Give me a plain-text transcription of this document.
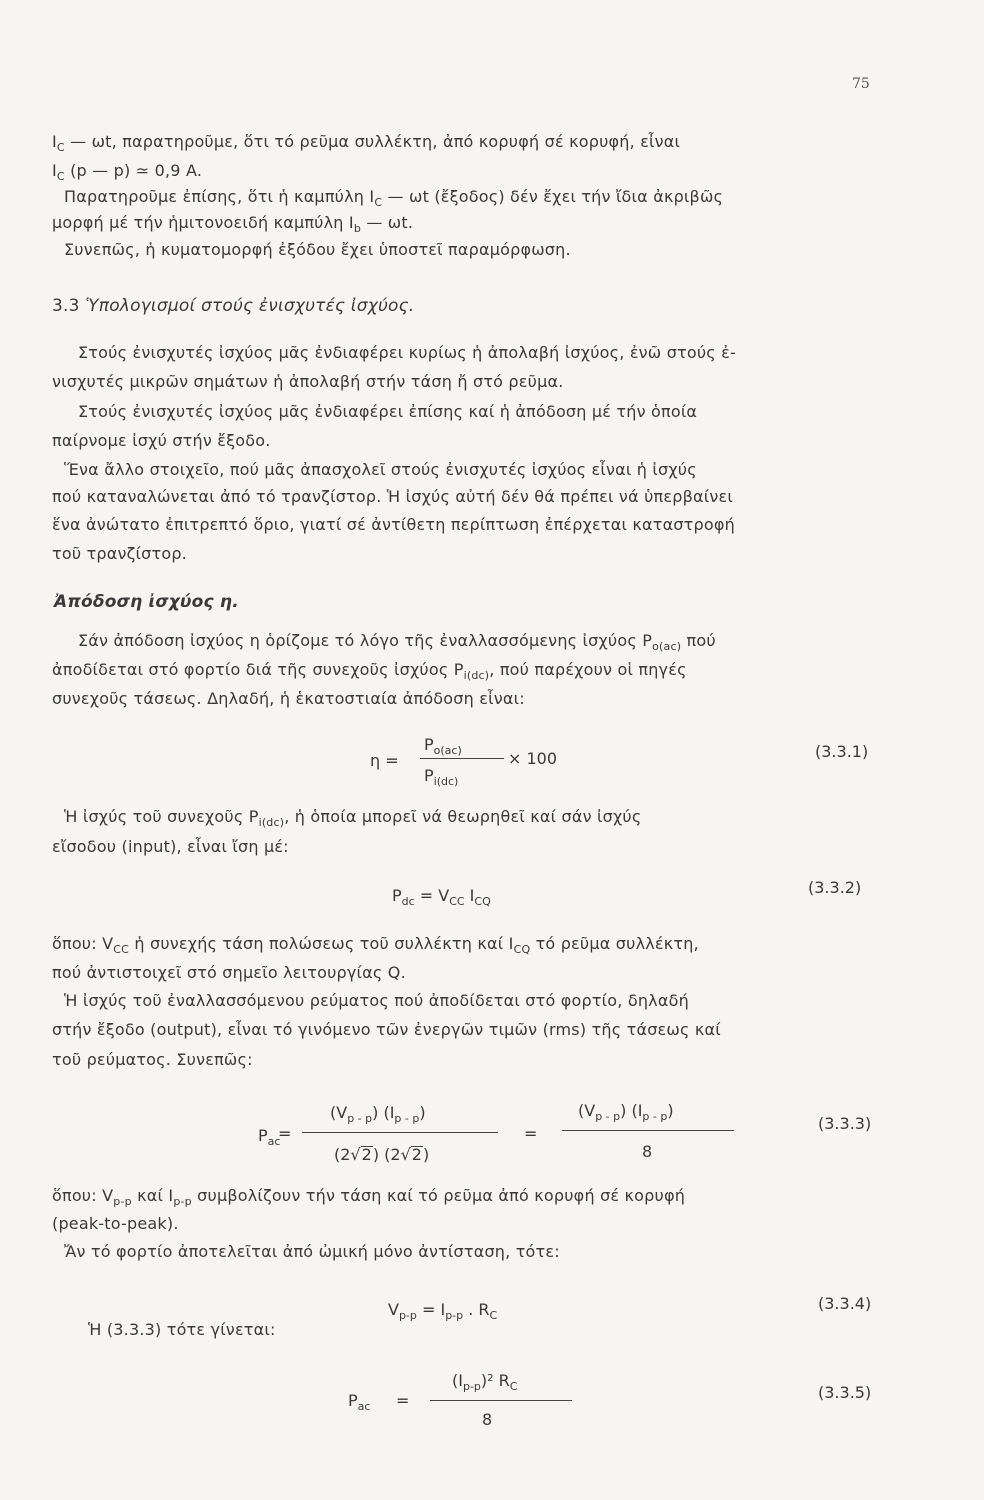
75
$I_C$ — ωt, παρατηροῦμε, ὅτι τό ρεῦμα συλλέκτη, ἀπό κορυφή σέ κορυφή, εἶναι
$I_C$ (p — p) ≃ 0,9 A.
Παρατηροῦμε ἐπίσης, ὅτι ἡ καμπύλη $I_C$ — ωt (ἔξοδος) δέν ἔχει τήν ἴδια ἀκριβῶς
μορφή μέ τήν ἡμιτονοειδή καμπύλη $I_b$ — ωt.
Συνεπῶς, ἡ κυματομορφή ἐξόδου ἔχει ὑποστεῖ παραμόρφωση.
3.3 Ὑπολογισμοί στούς ἐνισχυτές ἰσχύος.
Στούς ἐνισχυτές ἰσχύος μᾶς ἐνδιαφέρει κυρίως ἡ ἀπολαβή ἰσχύος, ἐνῶ στούς ἐ-
νισχυτές μικρῶν σημάτων ἡ ἀπολαβή στήν τάση ἤ στό ρεῦμα.
Στούς ἐνισχυτές ἰσχύος μᾶς ἐνδιαφέρει ἐπίσης καί ἡ ἀπόδοση μέ τήν ὁποία
παίρνομε ἰσχύ στήν ἔξοδο.
Ἕνα ἄλλο στοιχεῖο, πού μᾶς ἀπασχολεῖ στούς ἐνισχυτές ἰσχύος εἶναι ἡ ἰσχύς
πού καταναλώνεται ἀπό τό τρανζίστορ. Ἡ ἰσχύς αὐτή δέν θά πρέπει νά ὑπερβαίνει
ἕνα ἀνώτατο ἐπιτρεπτό ὅριο, γιατί σέ ἀντίθετη περίπτωση ἐπέρχεται καταστροφή
τοῦ τρανζίστορ.
Ἀπόδοση ἰσχύος η.
Σάν ἀπόδοση ἰσχύος η ὁρίζομε τό λόγο τῆς ἐναλλασσόμενης ἰσχύος $P_{o(ac)}$ πού
ἀποδίδεται στό φορτίο διά τῆς συνεχοῦς ἰσχύος $P_{i(dc)}$, πού παρέχουν οἱ πηγές
συνεχοῦς τάσεως. Δηλαδή, ἡ ἑκατοστιαία ἀπόδοση εἶναι:
η =
$P_{o(ac)}$
$P_{i(dc)}$
× 100	(3.3.1)
Ἡ ἰσχύς τοῦ συνεχοῦς $P_{i(dc)}$, ἡ ὁποία μπορεῖ νά θεωρηθεῖ καί σάν ἰσχύς
εἴσοδου (input), εἶναι ἴση μέ:
$P_{dc} = V_{CC}$ $I_{CQ}$
(3.3.2)
ὅπου: $V_{CC}$ ἡ συνεχής τάση πολώσεως τοῦ συλλέκτη καί $I_{CQ}$ τό ρεῦμα συλλέκτη,
πού ἀντιστοιχεῖ στό σημεῖο λειτουργίας Q.
Ἡ ἰσχύς τοῦ ἐναλλασσόμενου ρεύματος πού ἀποδίδεται στό φορτίο, δηλαδή
στήν ἔξοδο (output), εἶναι τό γινόμενο τῶν ἐνεργῶν τιμῶν (rms) τῆς τάσεως καί
τοῦ ρεύματος. Συνεπῶς:
$P_{ac}$
=
$(V_{p - p})$ $(I_{p - p})$
(2√2) (2√2)
=
$(V_{p - p})$ $(I_{p - p})$
8
(3.3.3)
ὅπου: $V_{p-p}$ καί $I_{p-p}$ συμβολίζουν τήν τάση καί τό ρεῦμα ἀπό κορυφή σέ κορυφή
(peak-to-peak).
Ἄν τό φορτίο ἀποτελεῖται ἀπό ὠμική μόνο ἀντίσταση, τότε:
$V_{p-p} = I_{p-p}$ . $R_C$
(3.3.4)
Ἡ (3.3.3) τότε γίνεται:
$P_{ac}$ =
$(I_{p-p})^2$ $R_C$
8
(3.3.5)
